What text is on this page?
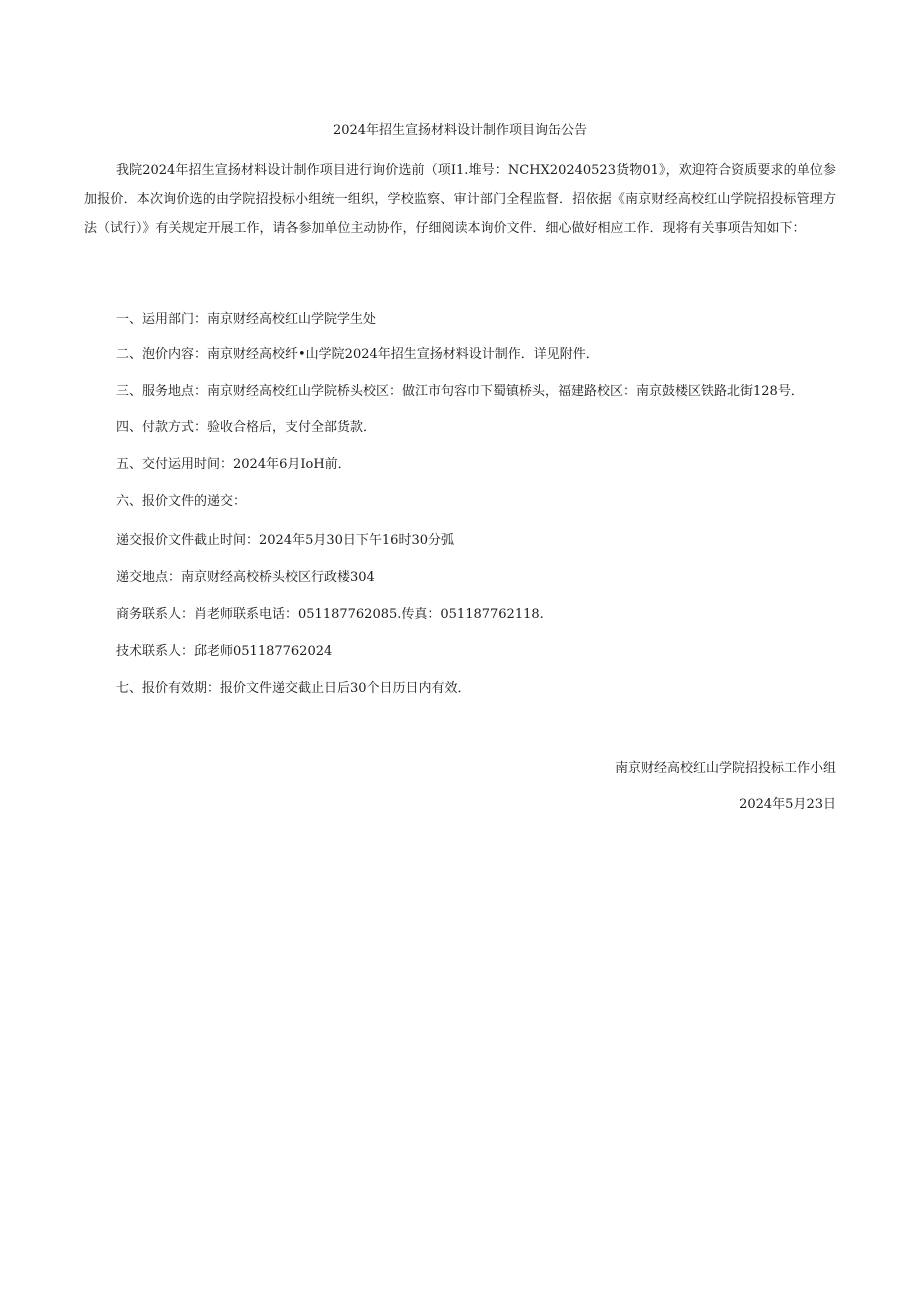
2024年招生宣扬材料设计制作项目询缶公告
我院2024年招生宣扬材料设计制作项目进行询价选前（项I1.堆号：NCHX20240523货物01》，欢迎符合资质要求的单位参加报价．本次询价选的由学院招投标小组统一组织，学校监察、审计部门全程监督．招依据《南京财经高校红山学院招投标管理方法（试行）》有关规定开展工作，请各参加单位主动协作，仔细阅读本询价文件．细心做好相应工作．现将有关事项告知如下：
一、运用部门：南京财经高校红山学院学生处
二、泡价内容：南京财经高校纤•山学院2024年招生宣扬材料设计制作．详见附件．
三、服务地点：南京财经高校红山学院桥头校区：做江市句容巾下蜀镇桥头，福建路校区：南京鼓楼区铁路北街128号．
四、付款方式：验收合格后，支付全部货款．
五、交付运用时间：2024年6月IoH前．
六、报价文件的递交：
递交报价文件截止时间：2024年5月30日下午16时30分弧
递交地点：南京财经高校桥头校区行政楼304
商务联系人：肖老师联系电话：051187762085.传真：051187762118.
技术联系人：邱老师051187762024
七、报价有效期：报价文件递交截止日后30个日历日内有效．
南京财经高校红山学院招投标工作小组
2024年5月23日
